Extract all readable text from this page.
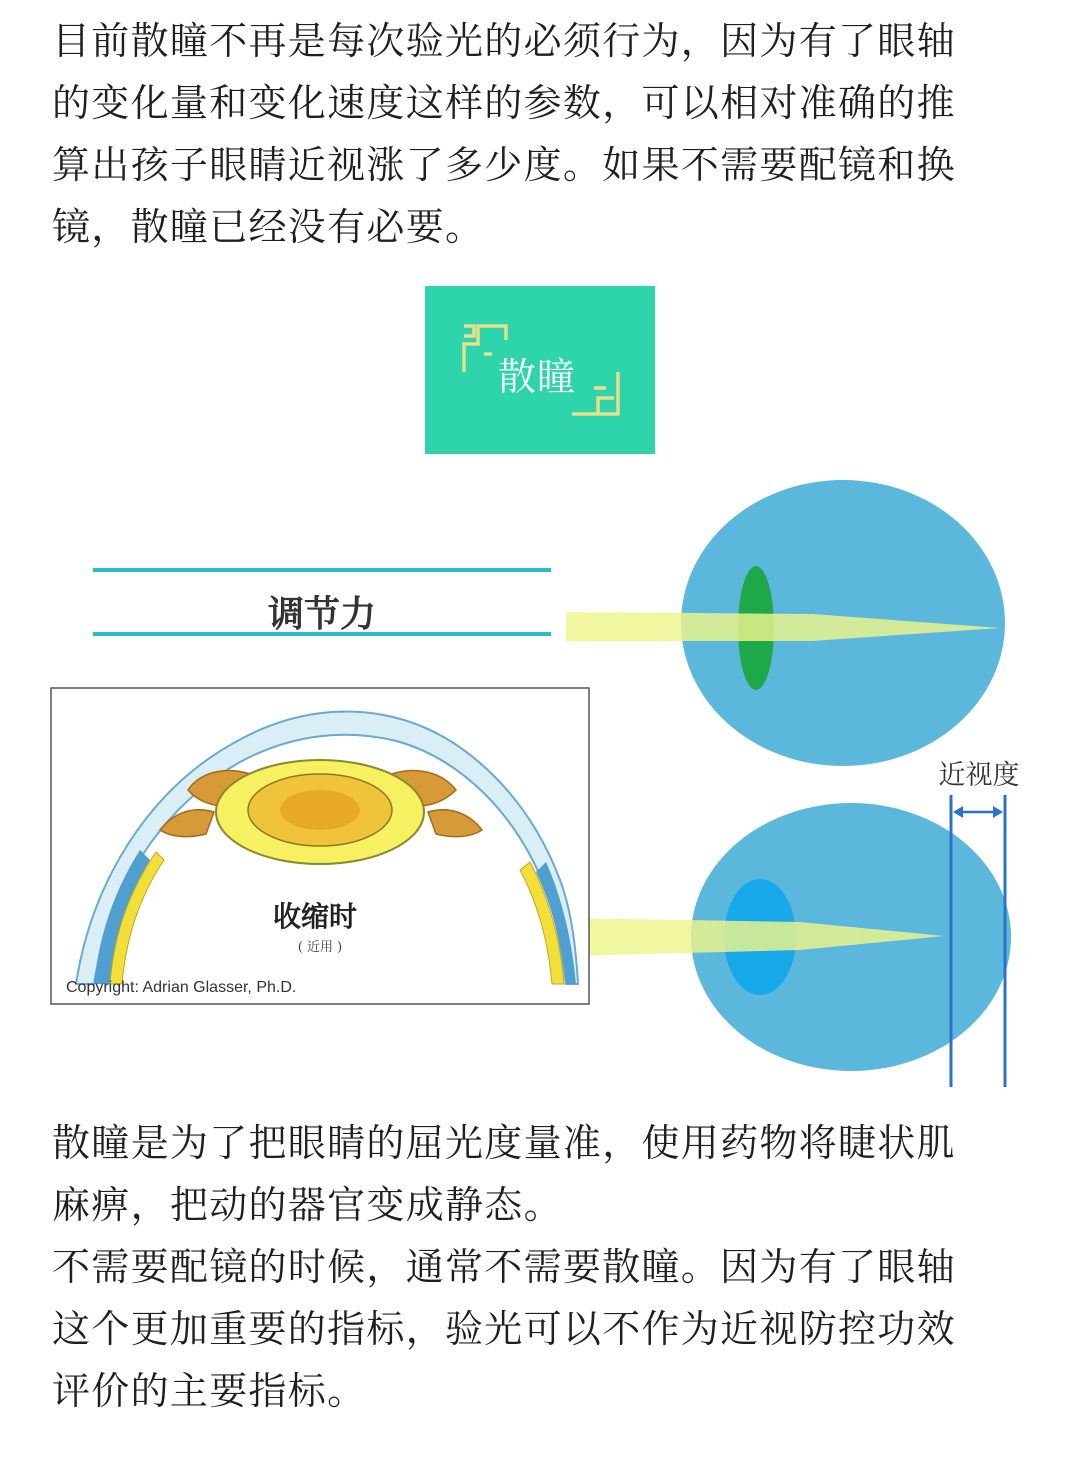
目前散瞳不再是每次验光的必须行为，因为有了眼轴
的变化量和变化速度这样的参数，可以相对准确的推
算出孩子眼睛近视涨了多少度。如果不需要配镜和换
镜，散瞳已经没有必要。

调节力
近视度
收缩时
( 近用 )
Copyright: Adrian Glasser, Ph.D.
散瞳

散瞳是为了把眼睛的屈光度量准，使用药物将睫状肌
麻痹，把动的器官变成静态。
不需要配镜的时候，通常不需要散瞳。因为有了眼轴
这个更加重要的指标，验光可以不作为近视防控功效
评价的主要指标。
